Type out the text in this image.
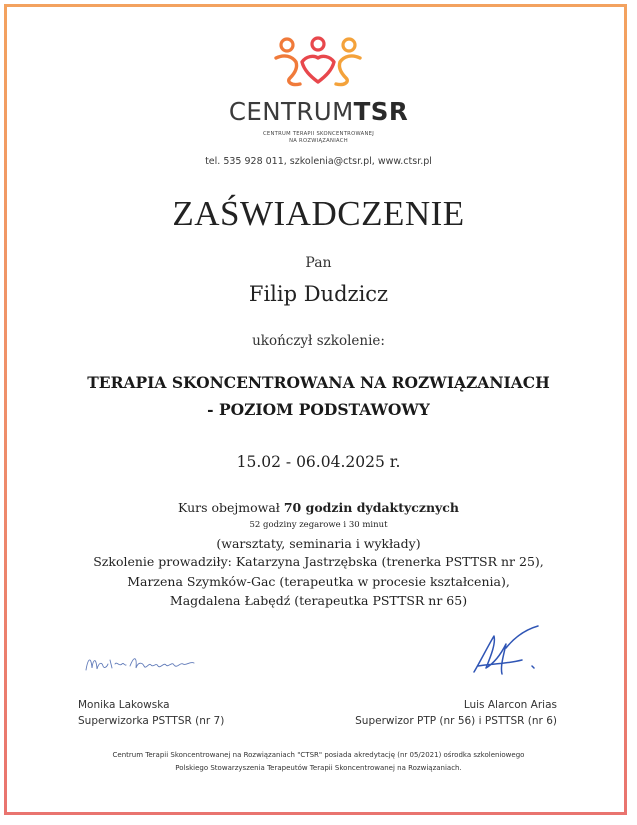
CENTRUMTSR
CENTRUM TERAPII SKONCENTROWANEJ
NA ROZWIĄZANIACH
tel. 535 928 011, szkolenia@ctsr.pl, www.ctsr.pl
ZAŚWIADCZENIE
Pan
Filip Dudzicz
ukończył szkolenie:
TERAPIA SKONCENTROWANA NA ROZWIĄZANIACH
- POZIOM PODSTAWOWY
15.02 - 06.04.2025 r.
Kurs obejmował 70 godzin dydaktycznych
52 godziny zegarowe i 30 minut
(warsztaty, seminaria i wykłady)
Szkolenie prowadziły: Katarzyna Jastrzębska (trenerka PSTTSR nr 25),
Marzena Szymków-Gac (terapeutka w procesie kształcenia),
Magdalena Łabędź (terapeutka PSTTSR nr 65)
Monika Lakowska
Superwizorka PSTTSR (nr 7)
Luis Alarcon Arias
Superwizor PTP (nr 56) i PSTTSR (nr 6)
Centrum Terapii Skoncentrowanej na Rozwiązaniach "CTSR" posiada akredytację (nr 05/2021) ośrodka szkoleniowego
Polskiego Stowarzyszenia Terapeutów Terapii Skoncentrowanej na Rozwiązaniach.
